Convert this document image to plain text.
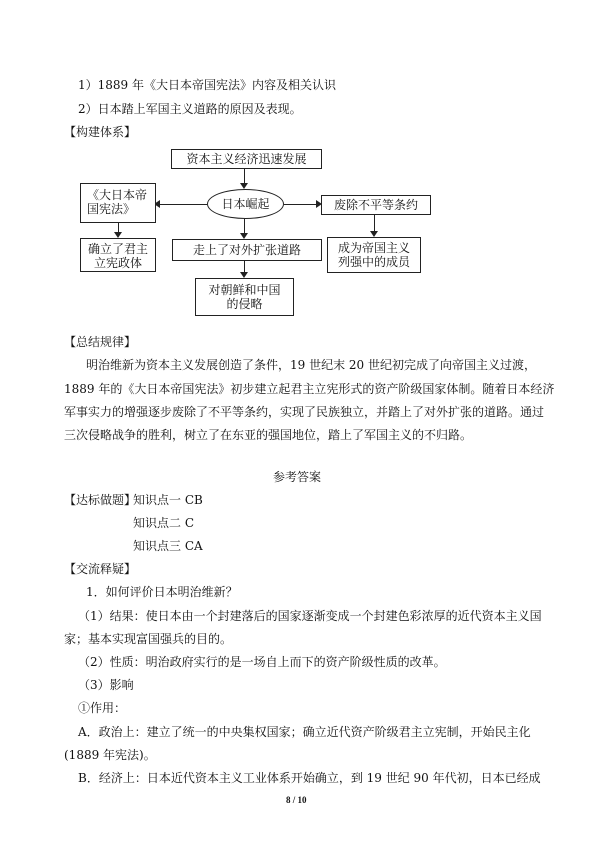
1）1889 年《大日本帝国宪法》内容及相关认识
2）日本踏上军国主义道路的原因及表现。
【构建体系】
资本主义经济迅速发展
日本崛起
《大日本帝国宪法》	废除不平等条约
确立了君主立宪政体
走上了对外扩张道路
对朝鲜和中国的侵略
成为帝国主义列强中的成员
【总结规律】
明治维新为资本主义发展创造了条件，19 世纪末 20 世纪初完成了向帝国主义过渡，
1889 年的《大日本帝国宪法》初步建立起君主立宪形式的资产阶级国家体制。随着日本经济
军事实力的增强逐步废除了不平等条约，实现了民族独立，并踏上了对外扩张的道路。通过
三次侵略战争的胜利，树立了在东亚的强国地位，踏上了军国主义的不归路。
参考答案
【达标做题】
知识点一 CB
知识点二 C
知识点三 CA
【交流释疑】
1．如何评价日本明治维新？
（1）结果：使日本由一个封建落后的国家逐渐变成一个封建色彩浓厚的近代资本主义国
家；基本实现富国强兵的目的。
（2）性质：明治政府实行的是一场自上而下的资产阶级性质的改革。
（3）影响
①作用：
A．政治上：建立了统一的中央集权国家；确立近代资产阶级君主立宪制，开始民主化
(1889 年宪法)。
B．经济上：日本近代资本主义工业体系开始确立，到 19 世纪 90 年代初，日本已经成
8 / 10
